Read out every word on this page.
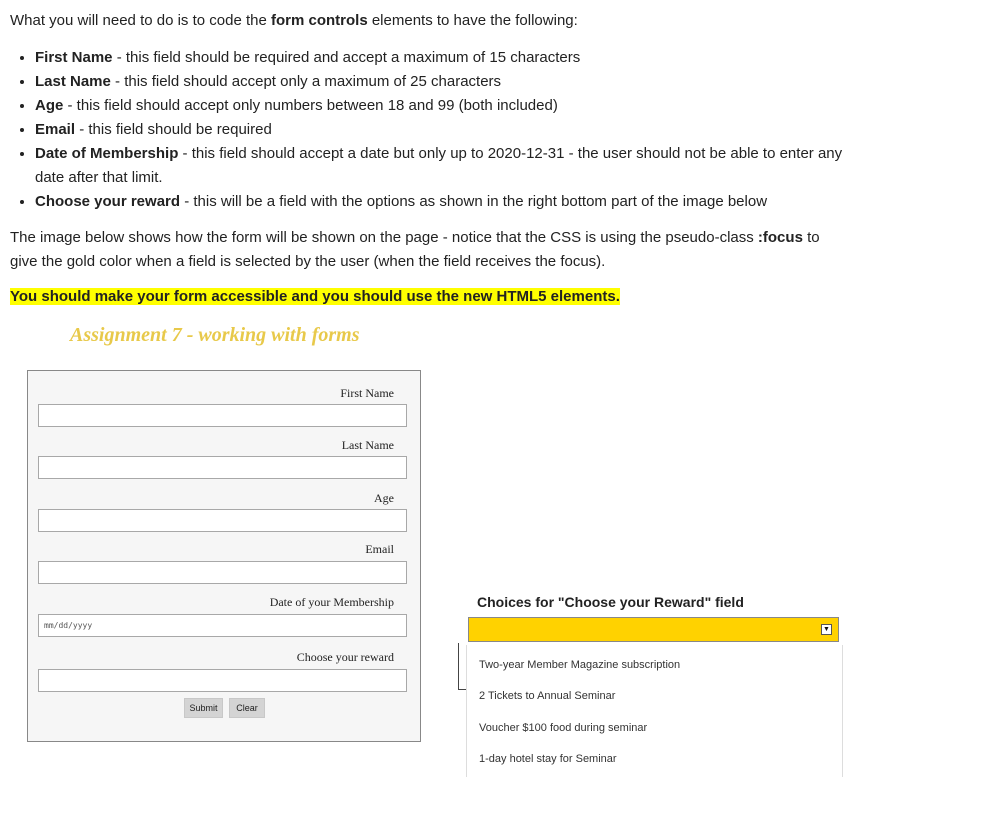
What you will need to do is to code the form controls elements to have the following:

• First Name - this field should be required and accept a maximum of 15 characters
• Last Name - this field should accept only a maximum of 25 characters
• Age - this field should accept only numbers between 18 and 99 (both included)
• Email - this field should be required
• Date of Membership - this field should accept a date but only up to 2020-12-31 - the user should not be able to enter any date after that limit.
• Choose your reward - this will be a field with the options as shown in the right bottom part of the image below

The image below shows how the form will be shown on the page - notice that the CSS is using the pseudo-class :focus to give the gold color when a field is selected by the user (when the field receives the focus).

You should make your form accessible and you should use the new HTML5 elements.

Assignment 7 - working with forms

First Name
Last Name
Age
Email
Date of your Membership
mm/dd/yyyy
Choose your reward
Submit	Clear

Choices for "Choose your Reward" field

▼
Two-year Member Magazine subscription
2 Tickets to Annual Seminar
Voucher $100 food during seminar
1-day hotel stay for Seminar
